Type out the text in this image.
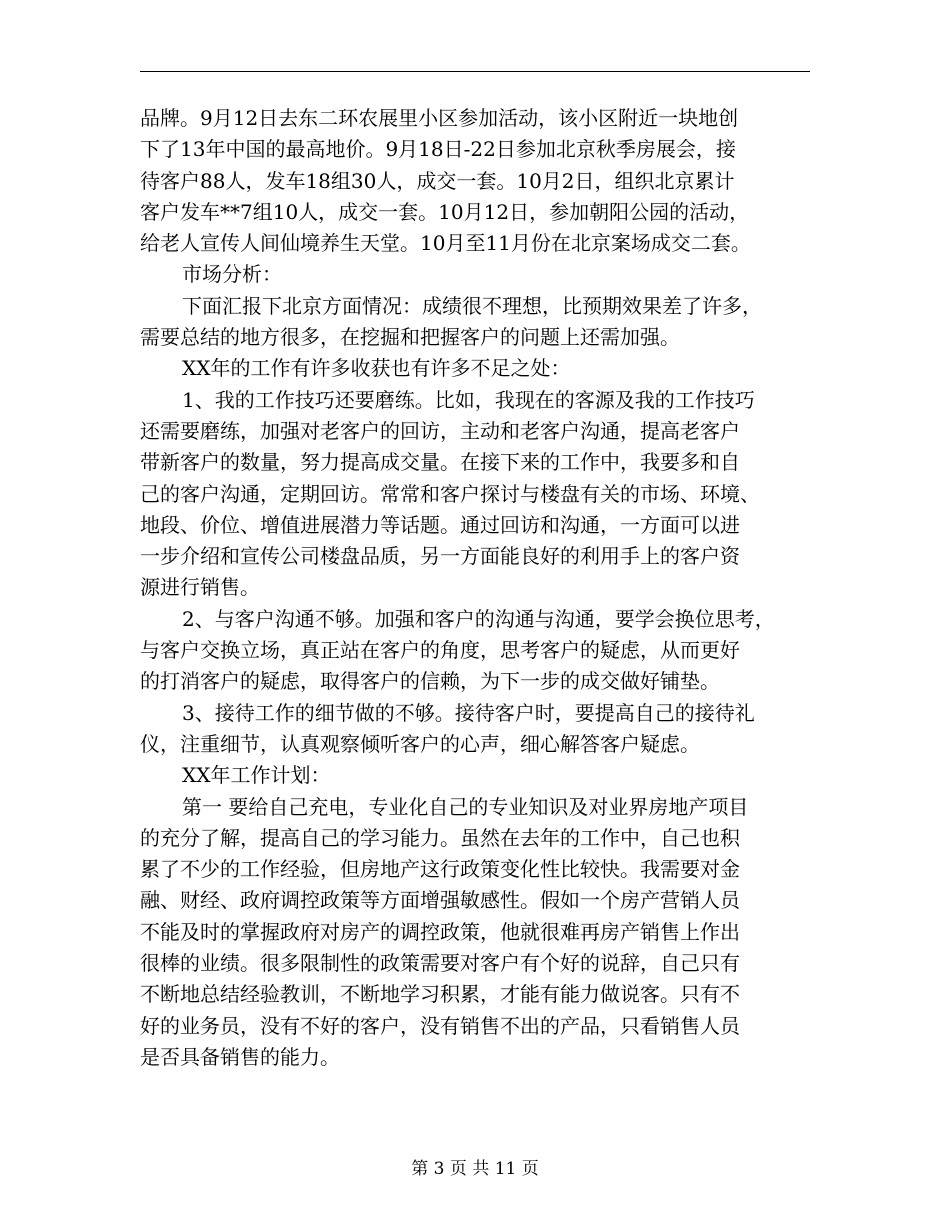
品牌。9月12日去东二环农展里小区参加活动，该小区附近一块地创
下了13年中国的最高地价。9月18日-22日参加北京秋季房展会，接
待客户88人，发车18组30人，成交一套。10月2日，组织北京累计
客户发车**7组10人，成交一套。10月12日，参加朝阳公园的活动，
给老人宣传人间仙境养生天堂。10月至11月份在北京案场成交二套。
市场分析：
下面汇报下北京方面情况：成绩很不理想，比预期效果差了许多，
需要总结的地方很多，在挖掘和把握客户的问题上还需加强。
XX年的工作有许多收获也有许多不足之处：
1、我的工作技巧还要磨练。比如，我现在的客源及我的工作技巧
还需要磨练，加强对老客户的回访，主动和老客户沟通，提高老客户
带新客户的数量，努力提高成交量。在接下来的工作中，我要多和自
己的客户沟通，定期回访。常常和客户探讨与楼盘有关的市场、环境、
地段、价位、增值进展潜力等话题。通过回访和沟通，一方面可以进
一步介绍和宣传公司楼盘品质，另一方面能良好的利用手上的客户资
源进行销售。
2、与客户沟通不够。加强和客户的沟通与沟通，要学会换位思考，
与客户交换立场，真正站在客户的角度，思考客户的疑虑，从而更好
的打消客户的疑虑，取得客户的信赖，为下一步的成交做好铺垫。
3、接待工作的细节做的不够。接待客户时，要提高自己的接待礼
仪，注重细节，认真观察倾听客户的心声，细心解答客户疑虑。
XX年工作计划：
第一 要给自己充电，专业化自己的专业知识及对业界房地产项目
的充分了解，提高自己的学习能力。虽然在去年的工作中，自己也积
累了不少的工作经验，但房地产这行政策变化性比较快。我需要对金
融、财经、政府调控政策等方面增强敏感性。假如一个房产营销人员
不能及时的掌握政府对房产的调控政策，他就很难再房产销售上作出
很棒的业绩。很多限制性的政策需要对客户有个好的说辞，自己只有
不断地总结经验教训，不断地学习积累，才能有能力做说客。只有不
好的业务员，没有不好的客户，没有销售不出的产品，只看销售人员
是否具备销售的能力。
第 3 页 共 11 页
